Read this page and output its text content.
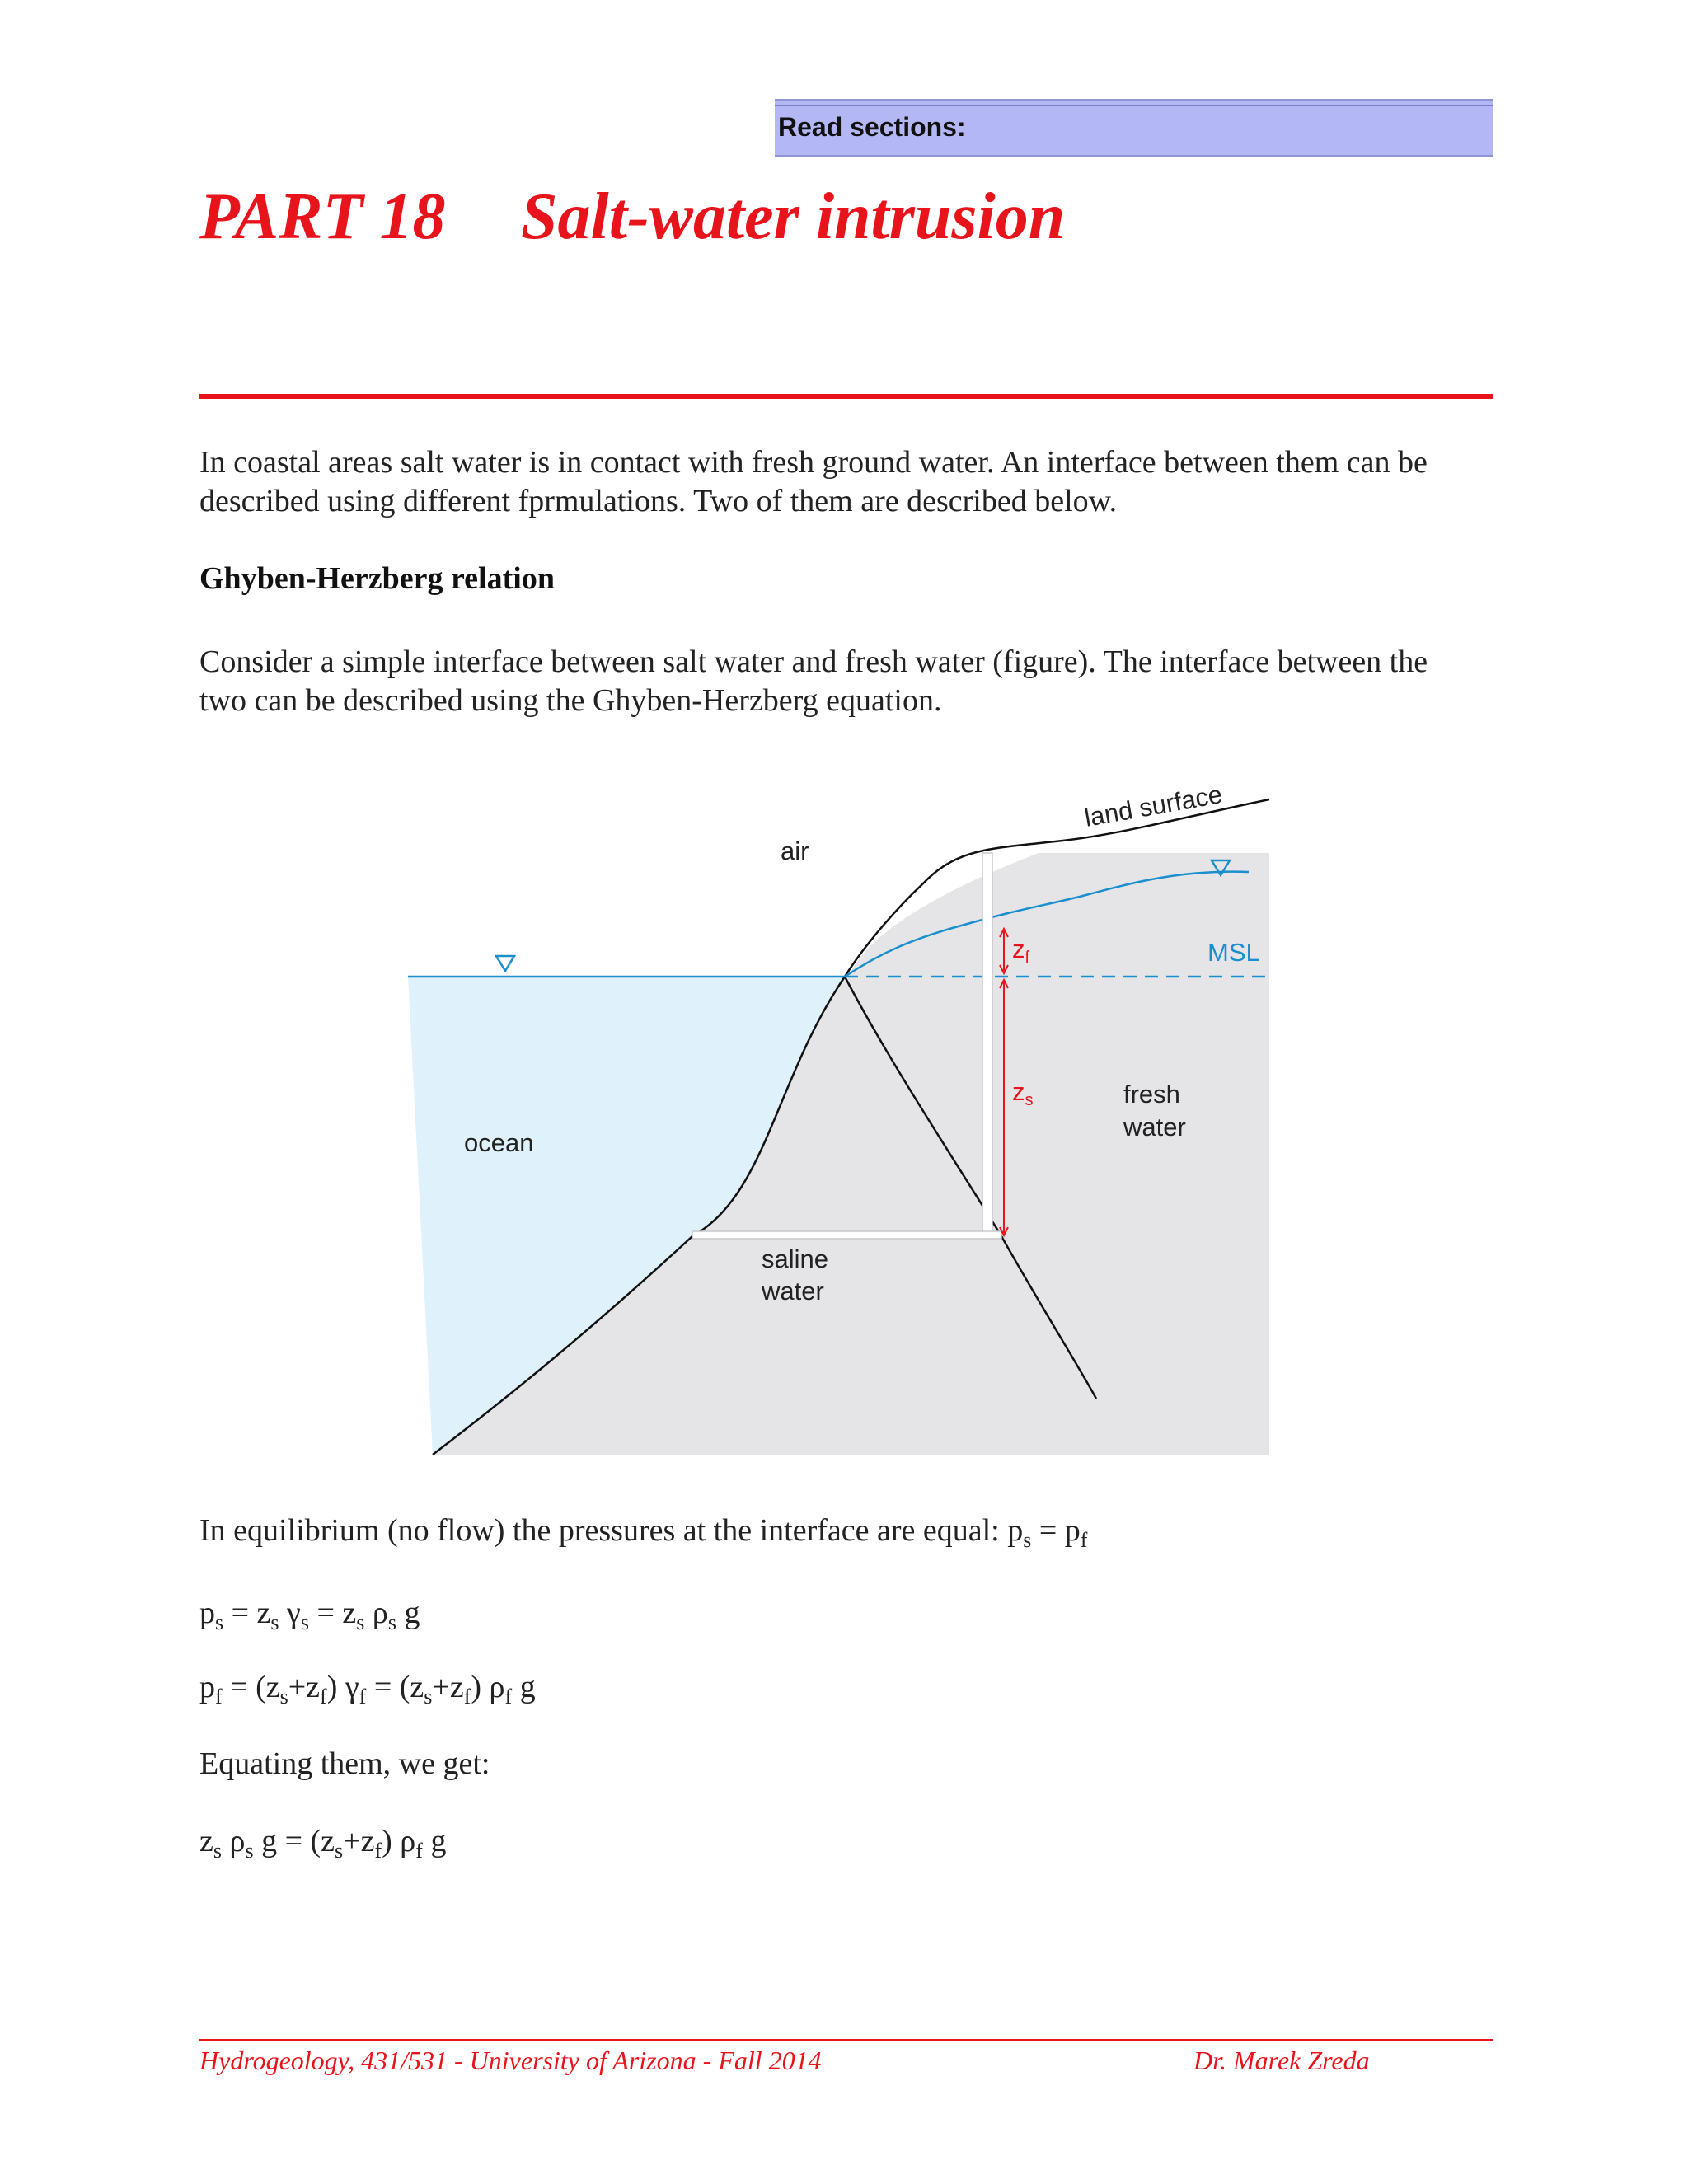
Read sections:
PART 18 Salt-water intrusion
In coastal areas salt water is in contact with fresh ground water. An interface between them can be
described using different fprmulations. Two of them are described below.
Ghyben-Herzberg relation
Consider a simple interface between salt water and fresh water (figure). The interface between the
two can be described using the Ghyben-Herzberg equation.
air
land surface
MSL
zf
zs	fresh
water
ocean
saline
water
In equilibrium (no flow) the pressures at the interface are equal: $p_s = p_f$
$p_s = z_s$ $\gamma_s = z_s$ $\rho_s$ g
$p_f = (z_s+z_f) \gamma_f = (z_s+z_f)$ $\rho_f$ g
Equating them, we get:
$z_s$ $\rho_s$ $g = (z_s+z_f)$ $\rho_f$ g
Hydrogeology, 431/531 - University of Arizona - Fall 2014	Dr. Marek Zreda
